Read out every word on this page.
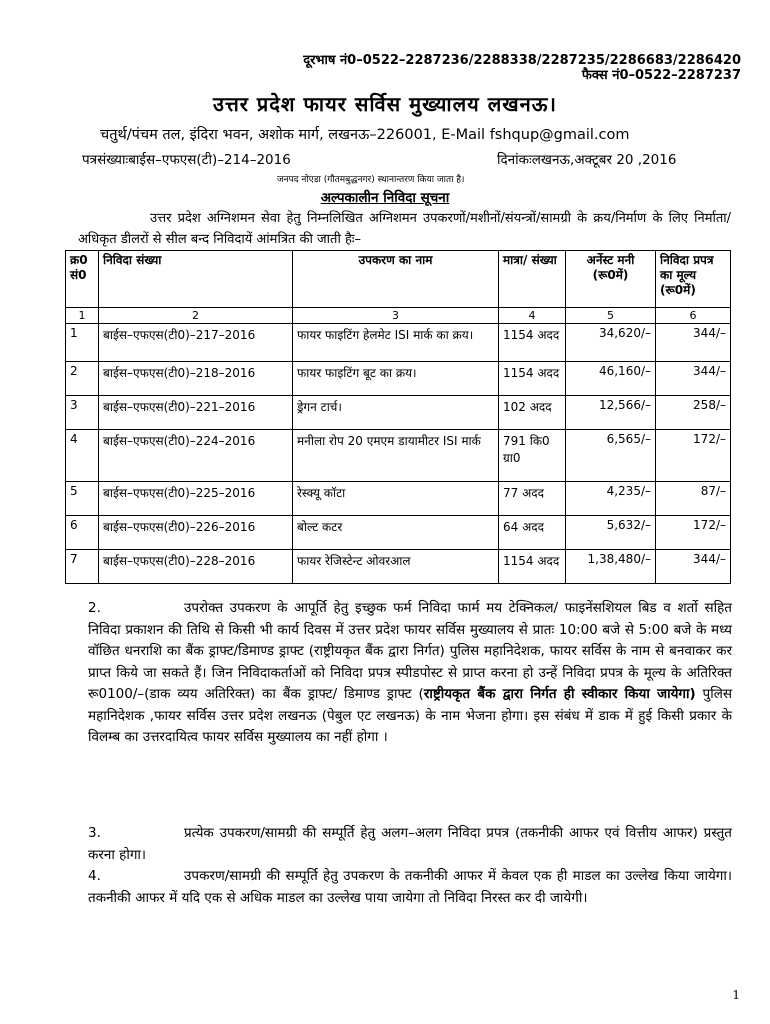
दूरभाष नं0–0522–2287236/2288338/2287235/2286683/2286420
फैक्स नं0–0522–2287237
उत्तर प्रदेश फायर सर्विस मुख्यालय लखनऊ।
चतुर्थ/पंचम तल, इंदिरा भवन, अशोक मार्ग, लखनऊ–226001, E-Mail fshqup@gmail.com
पत्रसंख्याःबाईस–एफएस(टी)–214–2016	दिनांकःलखनऊ,अक्टूबर 20 ,2016
जनपद नोएडा (गौतमबुद्धनगर) स्थानान्तरण किया जाता है।
अल्पकालीन निविदा सूचना
उत्तर प्रदेश अग्निशमन सेवा हेतु निम्नलिखित अग्निशमन उपकरणों/मशीनों/संयन्त्रों/सामग्री के क्रय/निर्माण के लिए निर्माता/अधिकृत डीलरों से सील बन्द निविदायें आंमत्रित की जाती हैः–
क्र0 सं0	निविदा संख्या	उपकरण का नाम	मात्रा/ संख्या	अर्नेस्ट मनी (रू0में)	निविदा प्रपत्र का मूल्य (रू0में)
1	2	3	4	5	6
1	बाईस–एफएस(टी0)–217–2016	फायर फाइटिंग हेलमेट ISI मार्क का क्रय।	1154 अदद	34,620/–	344/–
2	बाईस–एफएस(टी0)–218–2016	फायर फाइटिंग बूट का क्रय।	1154 अदद	46,160/–	344/–
3	बाईस–एफएस(टी0)–221–2016	ड्रेगन टार्च।	102 अदद	12,566/–	258/–
4	बाईस–एफएस(टी0)–224–2016	मनीला रोप 20 एमएम डायामीटर ISI मार्क	791 कि0 ग्रा0	6,565/–	172/–
5	बाईस–एफएस(टी0)–225–2016	रेस्क्यू कॉटा	77 अदद	4,235/–	87/–
6	बाईस–एफएस(टी0)–226–2016	बोल्ट कटर	64 अदद	5,632/–	172/–
7	बाईस–एफएस(टी0)–228–2016	फायर रेजिस्टेन्ट ओवरआल	1154 अदद	1,38,480/–	344/–
2.	उपरोक्त उपकरण के आपूर्ति हेतु इच्छुक फर्म निविदा फार्म मय टेक्निकल/ फाइनेंसशियल बिड व शर्तो सहित निविदा प्रकाशन की तिथि से किसी भी कार्य दिवस में उत्तर प्रदेश फायर सर्विस मुख्यालय से प्रातः 10:00 बजे से 5:00 बजे के मध्य वॉछित धनराशि का बैंक ड्राफ्ट/डिमाण्ड ड्राफ्ट (राष्ट्रीयकृत बैंक द्वारा निर्गत) पुलिस महानिदेशक, फायर सर्विस के नाम से बनवाकर कर प्राप्त किये जा सकते हैं। जिन निविदाकर्ताओं को निविदा प्रपत्र स्पीडपोस्ट से प्राप्त करना हो उन्हें निविदा प्रपत्र के मूल्य के अतिरिक्त रू0100/–(डाक व्यय अतिरिक्त) का बैंक ड्राफ्ट/ डिमाण्ड ड्राफ्ट (राष्ट्रीयकृत बैंक द्वारा निर्गत ही स्वीकार किया जायेगा) पुलिस महानिदेशक ,फायर सर्विस उत्तर प्रदेश लखनऊ (पेबुल एट लखनऊ) के नाम भेजना होगा। इस संबंध में डाक में हुई किसी प्रकार के विलम्ब का उत्तरदायित्व फायर सर्विस मुख्यालय का नहीं होगा ।
3.	प्रत्येक उपकरण/सामग्री की सम्पूर्ति हेतु अलग–अलग निविदा प्रपत्र (तकनीकी आफर एवं वित्तीय आफर) प्रस्तुत करना होगा।
4.	उपकरण/सामग्री की सम्पूर्ति हेतु उपकरण के तकनीकी आफर में केवल एक ही माडल का उल्लेख किया जायेगा। तकनीकी आफर में यदि एक से अधिक माडल का उल्लेख पाया जायेगा तो निविदा निरस्त कर दी जायेगी।
1
